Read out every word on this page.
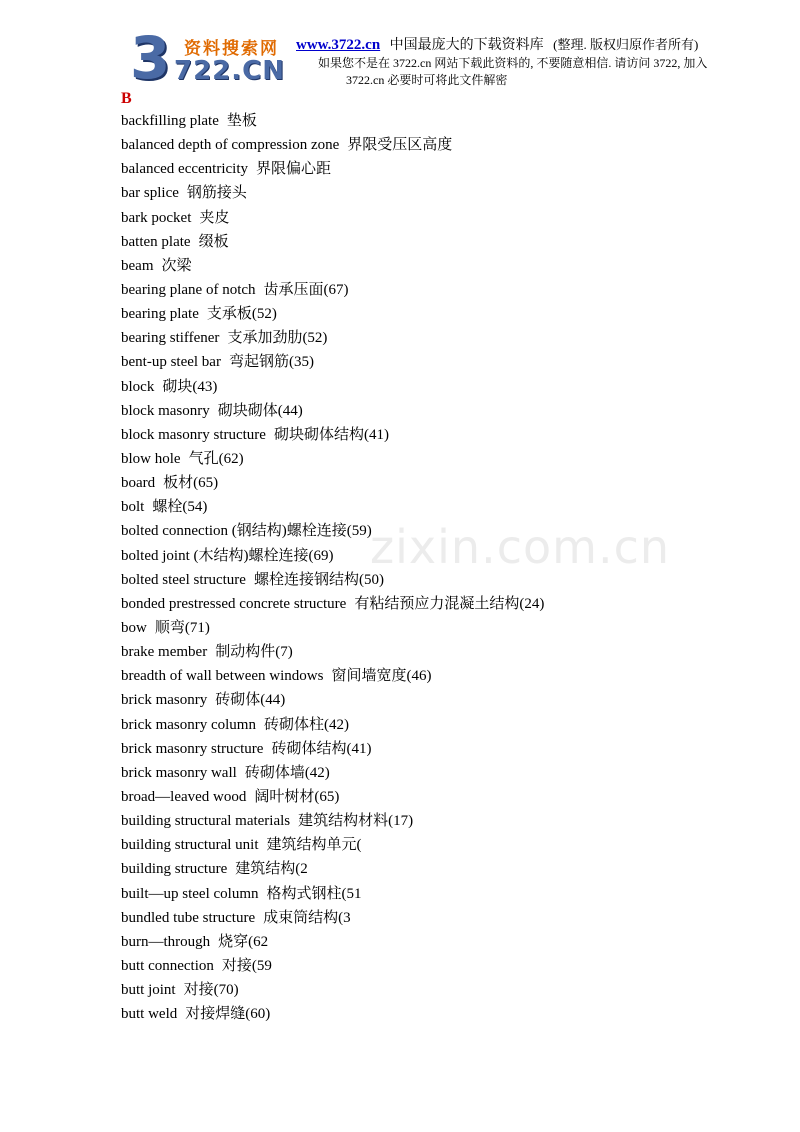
3 资料搜索网
722.CN
www.3722.cn 中国最庞大的下载资料库 (整理. 版权归原作者所有)
如果您不是在 3722.cn 网站下载此资料的, 不要随意相信. 请访问 3722, 加入
3722.cn 必要时可将此文件解密
zixin.com.cn
B
backfilling plate 垫板
balanced depth of compression zone 界限受压区高度
balanced eccentricity 界限偏心距
bar splice 钢筋接头
bark pocket 夹皮
batten plate 缀板
beam 次梁
bearing plane of notch 齿承压面(67)
bearing plate 支承板(52)
bearing stiffener 支承加劲肋(52)
bent-up steel bar 弯起钢筋(35)
block 砌块(43)
block masonry 砌块砌体(44)
block masonry structure 砌块砌体结构(41)
blow hole 气孔(62)
board 板材(65)
bolt 螺栓(54)
bolted connection (钢结构)螺栓连接(59)
bolted joint (木结构)螺栓连接(69)
bolted steel structure 螺栓连接钢结构(50)
bonded prestressed concrete structure 有粘结预应力混凝土结构(24)
bow 顺弯(71)
brake member 制动构件(7)
breadth of wall between windows 窗间墙宽度(46)
brick masonry 砖砌体(44)
brick masonry column 砖砌体柱(42)
brick masonry structure 砖砌体结构(41)
brick masonry wall 砖砌体墙(42)
broad—leaved wood 阔叶树材(65)
building structural materials 建筑结构材料(17)
building structural unit 建筑结构单元(
building structure 建筑结构(2
built—up steel column 格构式钢柱(51
bundled tube structure 成束筒结构(3
burn—through 烧穿(62
butt connection 对接(59
butt joint 对接(70)
butt weld 对接焊缝(60)
